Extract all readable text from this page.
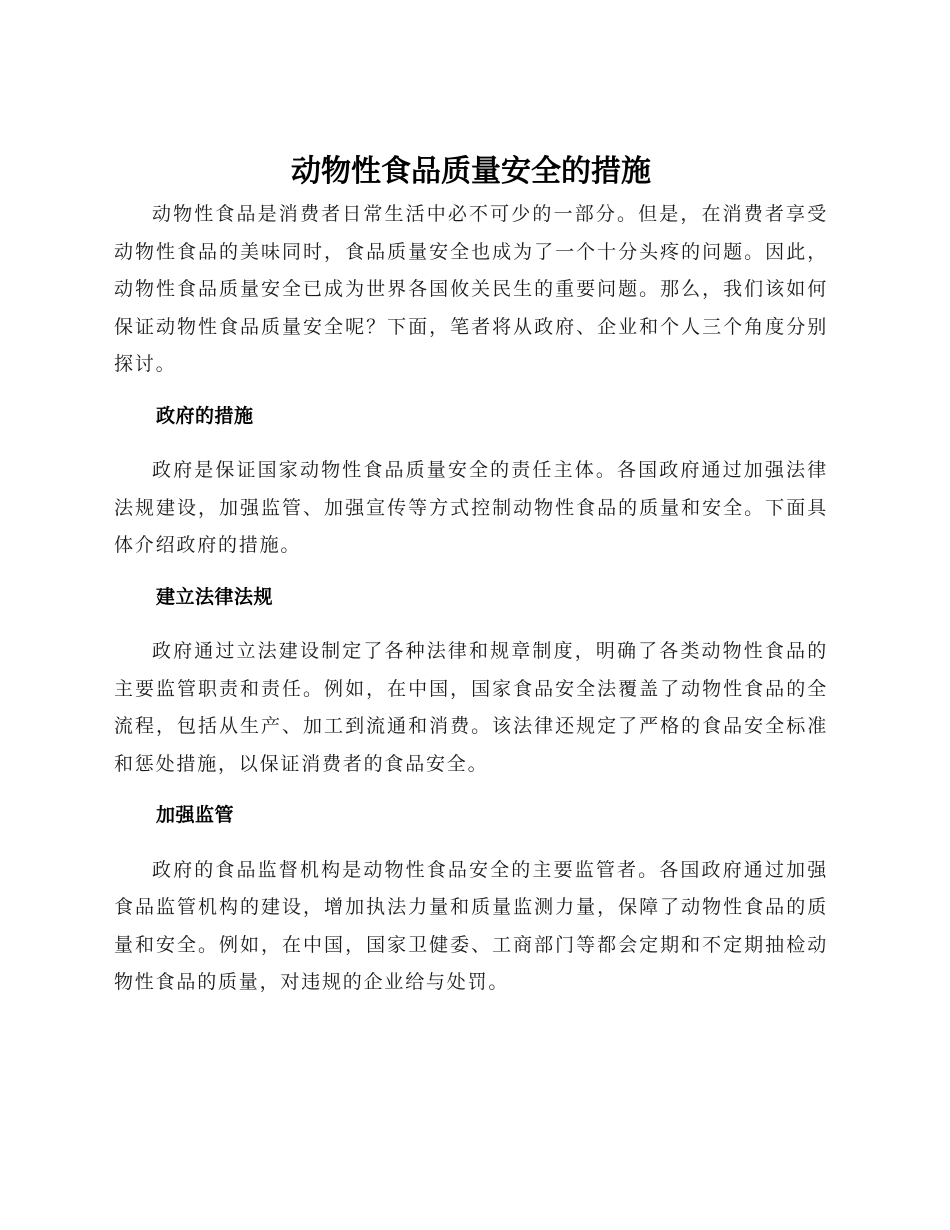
动物性食品质量安全的措施

动物性食品是消费者日常生活中必不可少的一部分。但是，在消费者享受动物性食品的美味同时，食品质量安全也成为了一个十分头疼的问题。因此，动物性食品质量安全已成为世界各国攸关民生的重要问题。那么，我们该如何保证动物性食品质量安全呢？下面，笔者将从政府、企业和个人三个角度分别探讨。

政府的措施

政府是保证国家动物性食品质量安全的责任主体。各国政府通过加强法律法规建设，加强监管、加强宣传等方式控制动物性食品的质量和安全。下面具体介绍政府的措施。

建立法律法规

政府通过立法建设制定了各种法律和规章制度，明确了各类动物性食品的主要监管职责和责任。例如，在中国，国家食品安全法覆盖了动物性食品的全流程，包括从生产、加工到流通和消费。该法律还规定了严格的食品安全标准和惩处措施，以保证消费者的食品安全。

加强监管

政府的食品监督机构是动物性食品安全的主要监管者。各国政府通过加强食品监管机构的建设，增加执法力量和质量监测力量，保障了动物性食品的质量和安全。例如，在中国，国家卫健委、工商部门等都会定期和不定期抽检动物性食品的质量，对违规的企业给与处罚。
